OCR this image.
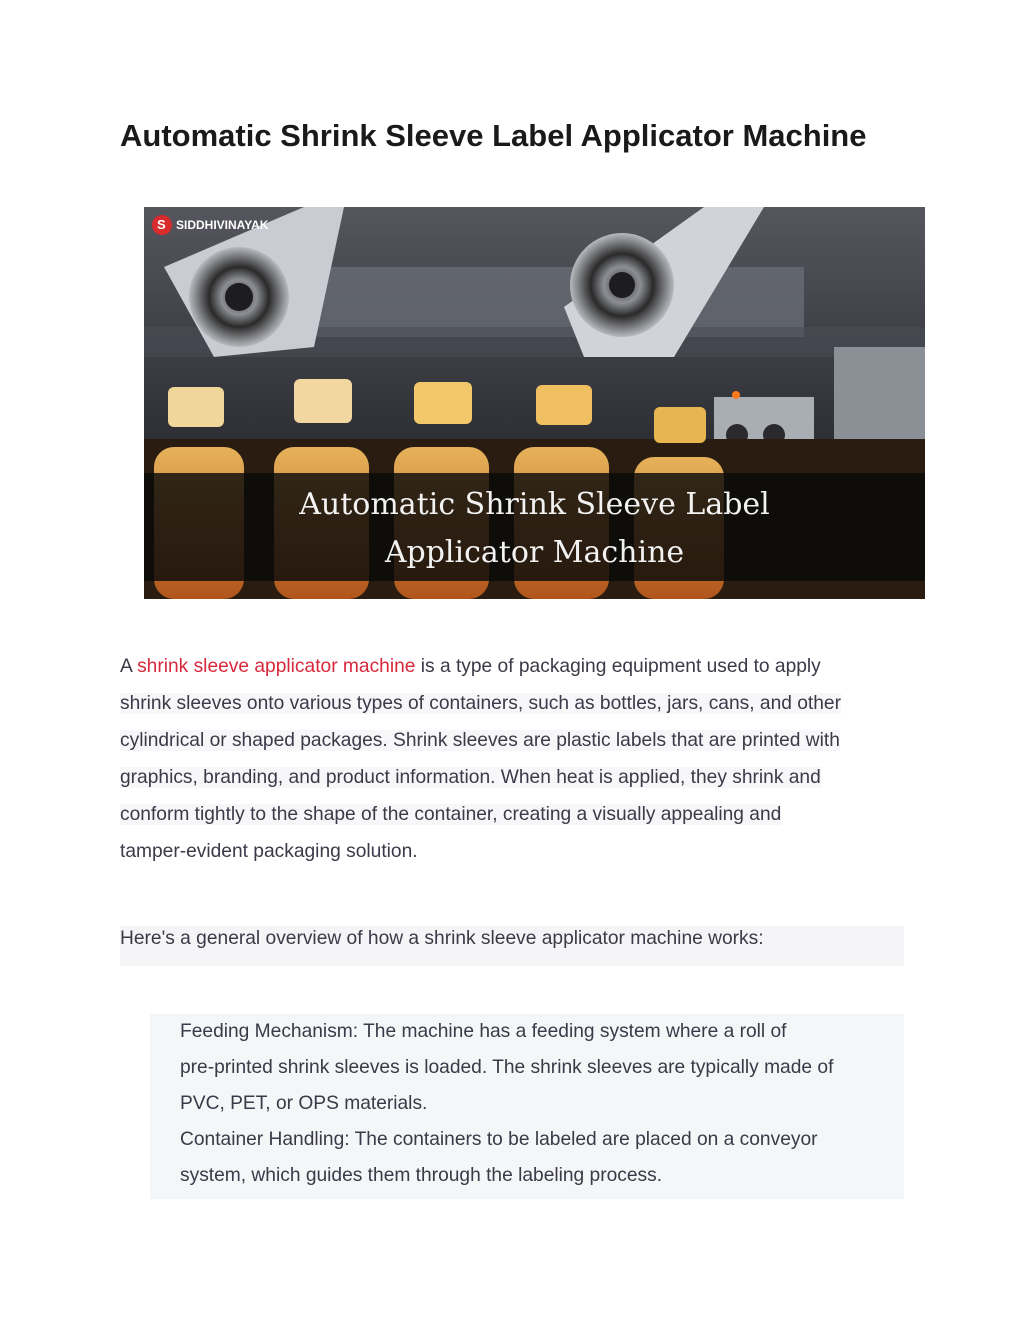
Automatic Shrink Sleeve Label Applicator Machine
S
SIDDHIVINAYAK
Automatic Shrink Sleeve Label
Applicator Machine

A shrink sleeve applicator machine is a type of packaging equipment used to apply
shrink sleeves onto various types of containers, such as bottles, jars, cans, and other
cylindrical or shaped packages. Shrink sleeves are plastic labels that are printed with
graphics, branding, and product information. When heat is applied, they shrink and
conform tightly to the shape of the container, creating a visually appealing and
tamper-evident packaging solution.

Here's a general overview of how a shrink sleeve applicator machine works:
Feeding Mechanism: The machine has a feeding system where a roll of
pre-printed shrink sleeves is loaded. The shrink sleeves are typically made of
PVC, PET, or OPS materials.
Container Handling: The containers to be labeled are placed on a conveyor
system, which guides them through the labeling process.
